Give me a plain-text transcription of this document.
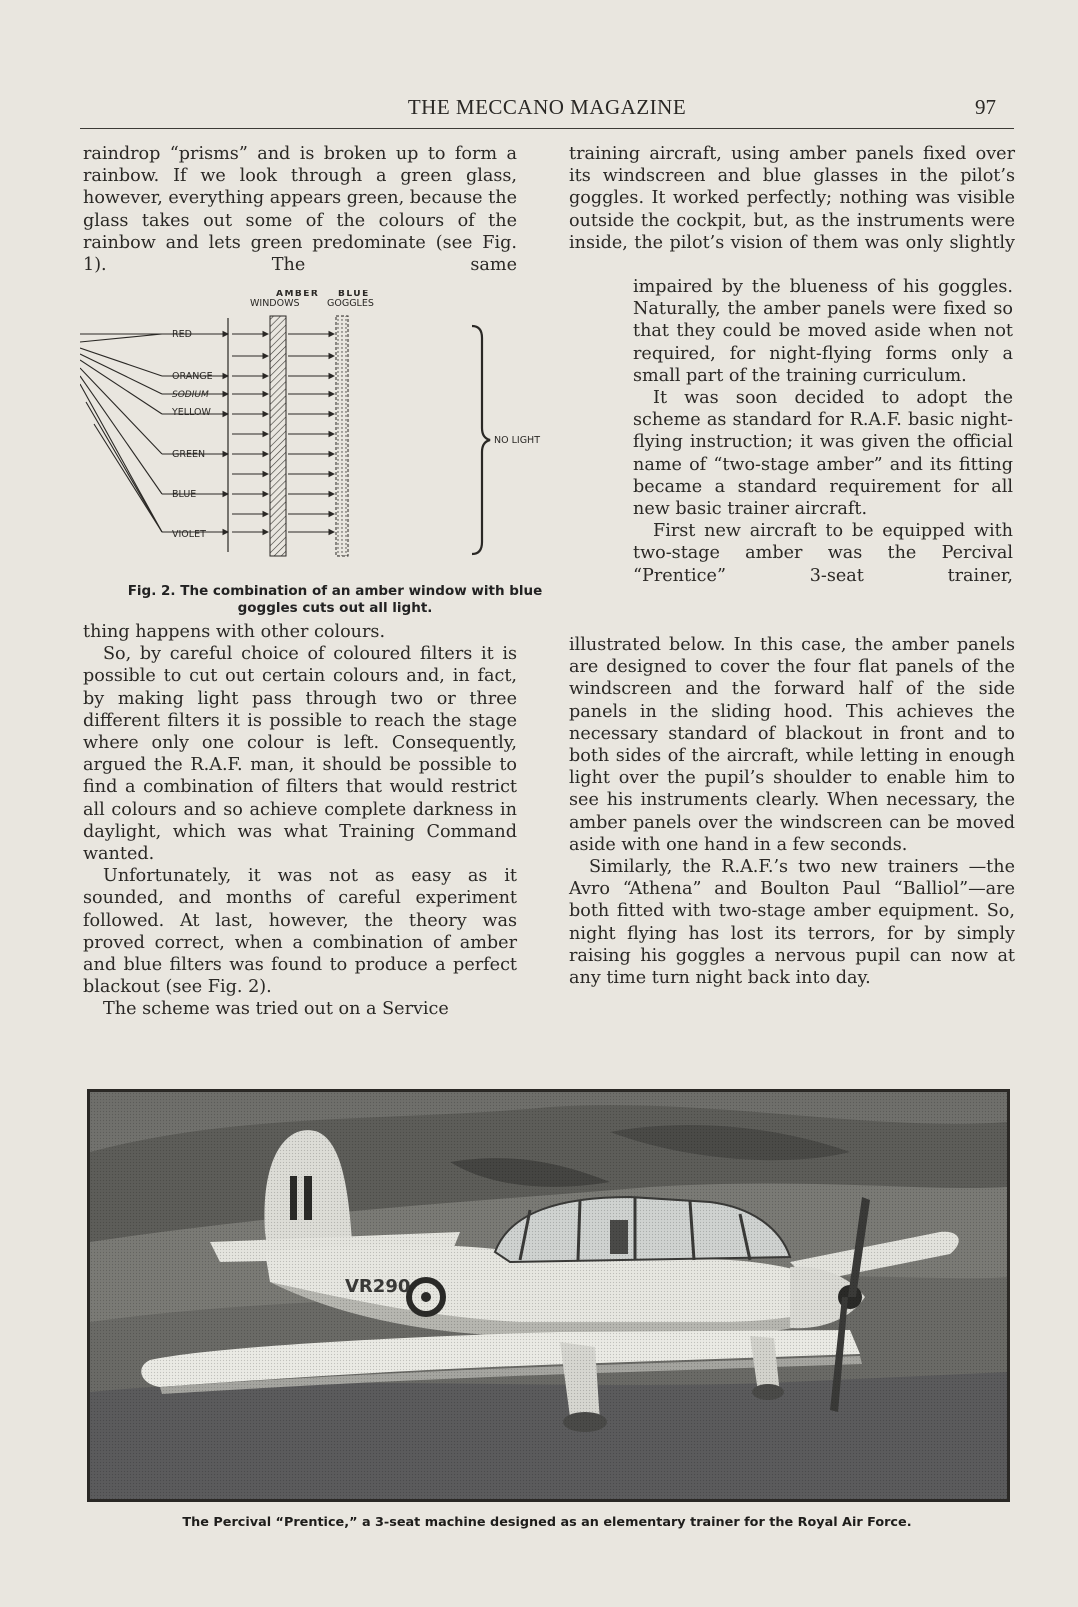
THE MECCANO MAGAZINE	97

raindrop “prisms” and is broken up to form a rainbow. If we look through a green glass, however, everything appears green, because the glass takes out some of the colours of the rainbow and lets green predominate (see Fig. 1). The same

AMBER
WINDOWS
BLUE
GOGGLES
RED
ORANGE
SODIUM
YELLOW
GREEN
BLUE
VIOLET
NO LIGHT
Fig. 2. The combination of an amber window with blue
goggles cuts out all light.

thing happens with other colours.

So, by careful choice of coloured filters it is possible to cut out certain colours and, in fact, by making light pass through two or three different filters it is possible to reach the stage where only one colour is left. Consequently, argued the R.A.F. man, it should be possible to find a combination of filters that would restrict all colours and so achieve complete darkness in daylight, which was what Training Command wanted.

Unfortunately, it was not as easy as it sounded, and months of careful experiment followed. At last, however, the theory was proved correct, when a combination of amber and blue filters was found to produce a perfect blackout (see Fig. 2).

The scheme was tried out on a Service

training aircraft, using amber panels fixed over its windscreen and blue glasses in the pilot’s goggles. It worked perfectly; nothing was visible outside the cockpit, but, as the instruments were inside, the pilot’s vision of them was only slightly

impaired by the blueness of his goggles. Naturally, the amber panels were fixed so that they could be moved aside when not required, for night-flying forms only a small part of the training curriculum.

It was soon decided to adopt the scheme as standard for R.A.F. basic night-flying instruction; it was given the official name of “two-stage amber” and its fitting became a standard requirement for all new basic trainer aircraft.

First new aircraft to be equipped with two-stage amber was the Percival “Prentice” 3-seat trainer,

illustrated below. In this case, the amber panels are designed to cover the four flat panels of the windscreen and the forward half of the side panels in the sliding hood. This achieves the necessary standard of blackout in front and to both sides of the aircraft, while letting in enough light over the pupil’s shoulder to enable him to see his instruments clearly. When necessary, the amber panels over the windscreen can be moved aside with one hand in a few seconds.

Similarly, the R.A.F.’s two new trainers —the Avro “Athena” and Boulton Paul “Balliol”—are both fitted with two-stage amber equipment. So, night flying has lost its terrors, for by simply raising his goggles a nervous pupil can now at any time turn night back into day.

The Percival “Prentice,” a 3-seat machine designed as an elementary trainer for the Royal Air Force.
